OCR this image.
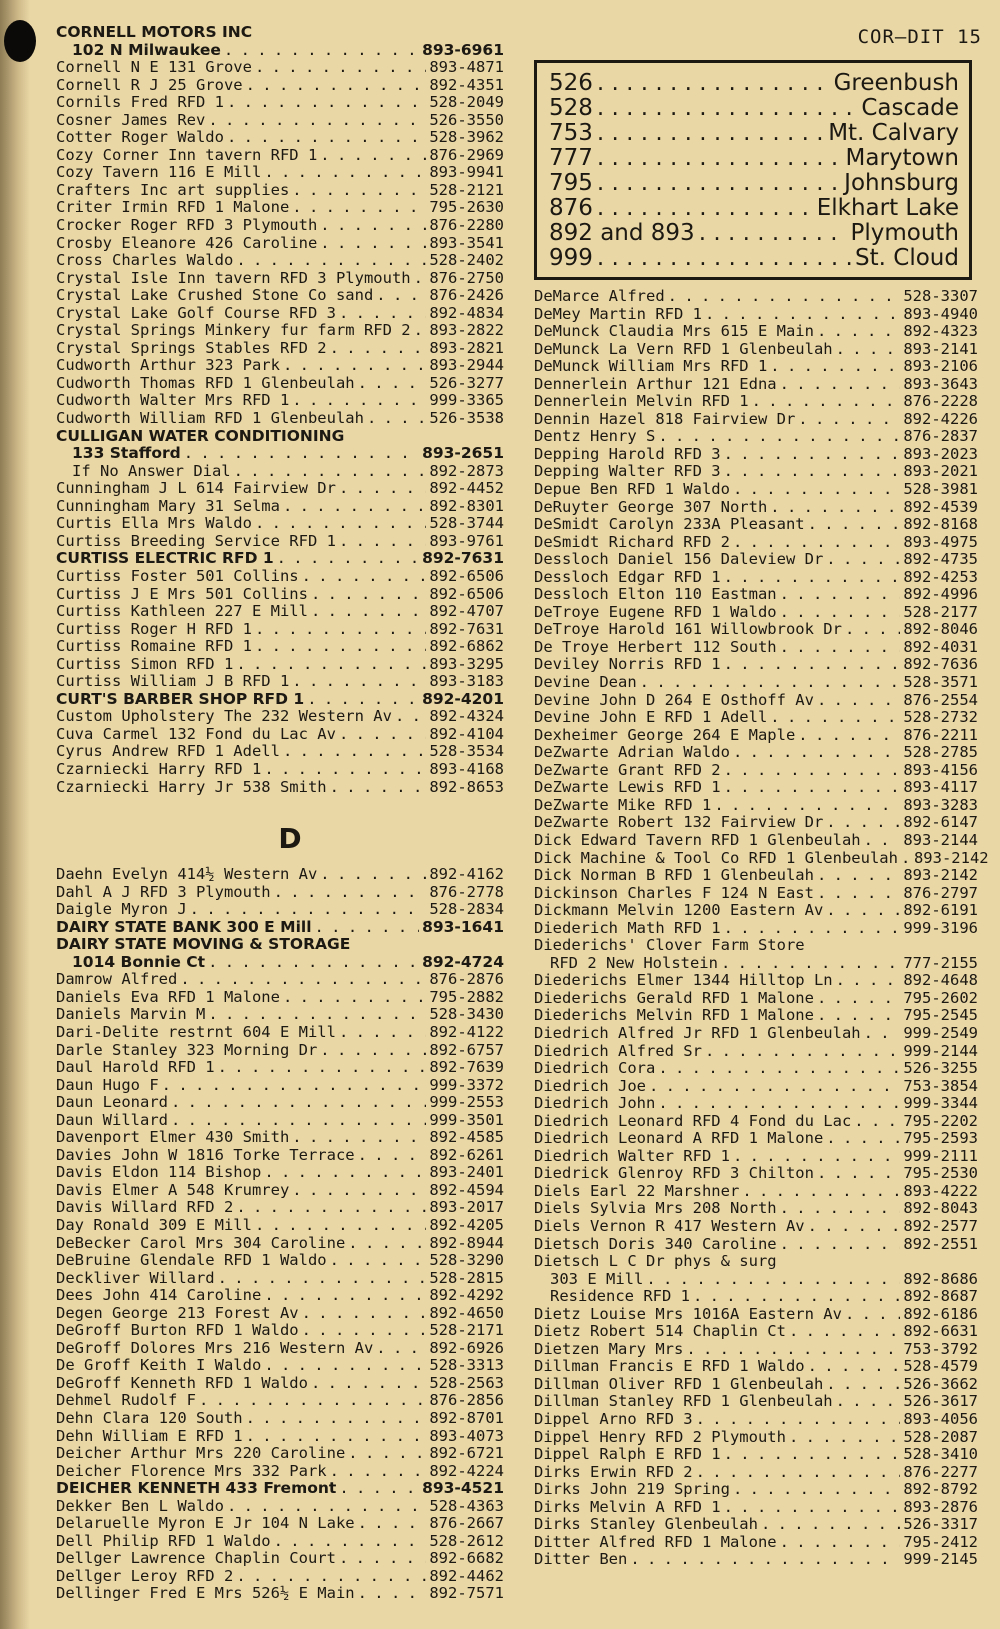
COR—DIT 15
CORNELL MOTORS INC
102 N Milwaukee . . .	893-6961
Cornell N E 131 Grove . . .	893-4871
Cornell R J 25 Grove . . .	892-4351
Cornils Fred RFD 1 . . .	528-2049
Cosner James Rev . . .	526-3550
Cotter Roger Waldo . . .	528-3962
Cozy Corner Inn tavern RFD 1 . . .	876-2969
Cozy Tavern 116 E Mill . . .	893-9941
Crafters Inc art supplies . . .	528-2121
Criter Irmin RFD 1 Malone . . .	795-2630
Crocker Roger RFD 3 Plymouth . . .	876-2280
Crosby Eleanore 426 Caroline . . .	893-3541
Cross Charles Waldo . . .	528-2402
Crystal Isle Inn tavern RFD 3 Plymouth . . . 876-2750
Crystal Lake Crushed Stone Co sand . . .	876-2426
Crystal Lake Golf Course RFD 3 . . .	892-4834
Crystal Springs Minkery fur farm RFD 2 . . . 893-2822
Crystal Springs Stables RFD 2 . . .	893-2821
Cudworth Arthur 323 Park . . .	893-2944
Cudworth Thomas RFD 1 Glenbeulah . . .	526-3277
Cudworth Walter Mrs RFD 1 . . .	999-3365
Cudworth William RFD 1 Glenbeulah . . .	526-3538
CULLIGAN WATER CONDITIONING
133 Stafford . . .	893-2651
If No Answer Dial . . .	892-2873
Cunningham J L 614 Fairview Dr . . .	892-4452
Cunningham Mary 31 Selma . . .	892-8301
Curtis Ella Mrs Waldo . . .	528-3744
Curtiss Breeding Service RFD 1 . . .	893-9761
CURTISS ELECTRIC RFD 1 . . .	892-7631
Curtiss Foster 501 Collins . . .	892-6506
Curtiss J E Mrs 501 Collins . . .	892-6506
Curtiss Kathleen 227 E Mill . . .	892-4707
Curtiss Roger H RFD 1 . . .	892-7631
Curtiss Romaine RFD 1 . . .	892-6862
Curtiss Simon RFD 1 . . .	893-3295
Curtiss William J B RFD 1 . . .	893-3183
CURT'S BARBER SHOP RFD 1 . . .	892-4201
Custom Upholstery The 232 Western Av . . . 892-4324
Cuva Carmel 132 Fond du Lac Av . . .	892-4104
Cyrus Andrew RFD 1 Adell . . .	528-3534
Czarniecki Harry RFD 1 . . .	893-4168
Czarniecki Harry Jr 538 Smith . . .	892-8653
D
Daehn Evelyn 414½ Western Av . . .	892-4162
Dahl A J RFD 3 Plymouth . . .	876-2778
Daigle Myron J . . .	528-2834
DAIRY STATE BANK 300 E Mill . . .	893-1641
DAIRY STATE MOVING & STORAGE
1014 Bonnie Ct . . .	892-4724
Damrow Alfred . . .	876-2876
Daniels Eva RFD 1 Malone . . .	795-2882
Daniels Marvin M . . .	528-3430
Dari-Delite restrnt 604 E Mill . . .	892-4122
Darle Stanley 323 Morning Dr . . .	892-6757
Daul Harold RFD 1 . . .	892-7639
Daun Hugo F . . .	999-3372
Daun Leonard . . .	999-2553
Daun Willard . . .	999-3501
Davenport Elmer 430 Smith . . .	892-4585
Davies John W 1816 Torke Terrace . . .	892-6261
Davis Eldon 114 Bishop . . .	893-2401
Davis Elmer A 548 Krumrey . . .	892-4594
Davis Willard RFD 2 . . .	893-2017
Day Ronald 309 E Mill . . .	892-4205
DeBecker Carol Mrs 304 Caroline . . .	892-8944
DeBruine Glendale RFD 1 Waldo . . .	528-3290
Deckliver Willard . . .	528-2815
Dees John 414 Caroline . . .	892-4292
Degen George 213 Forest Av . . .	892-4650
DeGroff Burton RFD 1 Waldo . . .	528-2171
DeGroff Dolores Mrs 216 Western Av . . .	892-6926
De Groff Keith I Waldo . . .	528-3313
DeGroff Kenneth RFD 1 Waldo . . .	528-2563
Dehmel Rudolf F . . .	876-2856
Dehn Clara 120 South . . .	892-8701
Dehn William E RFD 1 . . .	893-4073
Deicher Arthur Mrs 220 Caroline . . .	892-6721
Deicher Florence Mrs 332 Park . . .	892-4224
DEICHER KENNETH 433 Fremont . . .	893-4521
Dekker Ben L Waldo . . .	528-4363
Delaruelle Myron E Jr 104 N Lake . . .	876-2667
Dell Philip RFD 1 Waldo . . .	528-2612
Dellger Lawrence Chaplin Court . . .	892-6682
Dellger Leroy RFD 2 . . .	892-4462
Dellinger Fred E Mrs 526½ E Main . . .	892-7571
526 . . .	Greenbush
528 . . .	Cascade
753 . . .	Mt. Calvary
777 . . .	Marytown
795 . . .	Johnsburg
876 . . .	Elkhart Lake
892 and 893 . . .	Plymouth
999 . . .	St. Cloud
DeMarce Alfred . . .	528-3307
DeMey Martin RFD 1 . . .	893-4940
DeMunck Claudia Mrs 615 E Main . . .	892-4323
DeMunck La Vern RFD 1 Glenbeulah . . .	893-2141
DeMunck William Mrs RFD 1 . . .	893-2106
Dennerlein Arthur 121 Edna . . .	893-3643
Dennerlein Melvin RFD 1 . . .	876-2228
Dennin Hazel 818 Fairview Dr . . .	892-4226
Dentz Henry S . . .	876-2837
Depping Harold RFD 3 . . .	893-2023
Depping Walter RFD 3 . . .	893-2021
Depue Ben RFD 1 Waldo . . .	528-3981
DeRuyter George 307 North . . .	892-4539
DeSmidt Carolyn 233A Pleasant . . .	892-8168
DeSmidt Richard RFD 2 . . .	893-4975
Dessloch Daniel 156 Daleview Dr . . .	892-4735
Dessloch Edgar RFD 1 . . .	892-4253
Dessloch Elton 110 Eastman . . .	892-4996
DeTroye Eugene RFD 1 Waldo . . .	528-2177
DeTroye Harold 161 Willowbrook Dr . . .	892-8046
De Troye Herbert 112 South . . .	892-4031
Deviley Norris RFD 1 . . .	892-7636
Devine Dean . . .	528-3571
Devine John D 264 E Osthoff Av . . .	876-2554
Devine John E RFD 1 Adell . . .	528-2732
Dexheimer George 264 E Maple . . .	876-2211
DeZwarte Adrian Waldo . . .	528-2785
DeZwarte Grant RFD 2 . . .	893-4156
DeZwarte Lewis RFD 1 . . .	893-4117
DeZwarte Mike RFD 1 . . .	893-3283
DeZwarte Robert 132 Fairview Dr . . .	892-6147
Dick Edward Tavern RFD 1 Glenbeulah . . .	893-2144
Dick Machine & Tool Co RFD 1 Glenbeulah . . . 893-2142
Dick Norman B RFD 1 Glenbeulah . . .	893-2142
Dickinson Charles F 124 N East . . .	876-2797
Dickmann Melvin 1200 Eastern Av . . .	892-6191
Diederich Math RFD 1 . . .	999-3196
Diederichs' Clover Farm Store
RFD 2 New Holstein . . .	777-2155
Diederichs Elmer 1344 Hilltop Ln . . .	892-4648
Diederichs Gerald RFD 1 Malone . . .	795-2602
Diederichs Melvin RFD 1 Malone . . .	795-2545
Diedrich Alfred Jr RFD 1 Glenbeulah . . .	999-2549
Diedrich Alfred Sr . . .	999-2144
Diedrich Cora . . .	526-3255
Diedrich Joe . . .	753-3854
Diedrich John . . .	999-3344
Diedrich Leonard RFD 4 Fond du Lac . . .	795-2202
Diedrich Leonard A RFD 1 Malone . . .	795-2593
Diedrich Walter RFD 1 . . .	999-2111
Diedrick Glenroy RFD 3 Chilton . . .	795-2530
Diels Earl 22 Marshner . . .	893-4222
Diels Sylvia Mrs 208 North . . .	892-8043
Diels Vernon R 417 Western Av . . .	892-2577
Dietsch Doris 340 Caroline . . .	892-2551
Dietsch L C Dr phys & surg
303 E Mill . . .	892-8686
Residence RFD 1 . . .	892-8687
Dietz Louise Mrs 1016A Eastern Av . . .	892-6186
Dietz Robert 514 Chaplin Ct . . .	892-6631
Dietzen Mary Mrs . . .	753-3792
Dillman Francis E RFD 1 Waldo . . .	528-4579
Dillman Oliver RFD 1 Glenbeulah . . .	526-3662
Dillman Stanley RFD 1 Glenbeulah . . .	526-3617
Dippel Arno RFD 3 . . .	893-4056
Dippel Henry RFD 2 Plymouth . . .	528-2087
Dippel Ralph E RFD 1 . . .	528-3410
Dirks Erwin RFD 2 . . .	876-2277
Dirks John 219 Spring . . .	892-8792
Dirks Melvin A RFD 1 . . .	893-2876
Dirks Stanley Glenbeulah . . .	526-3317
Ditter Alfred RFD 1 Malone . . .	795-2412
Ditter Ben . . .	999-2145
